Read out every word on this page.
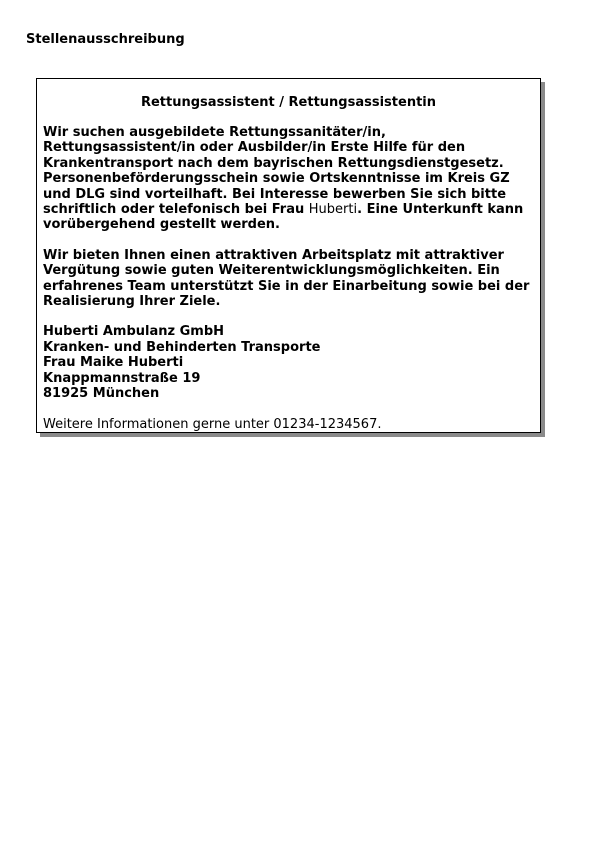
Stellenausschreibung
Rettungsassistent / Rettungsassistentin
Wir suchen ausgebildete Rettungssanitäter/in, Rettungsassistent/in oder Ausbilder/in Erste Hilfe für den Krankentransport nach dem bayrischen Rettungsdienstgesetz. Personenbeförderungsschein sowie Ortskenntnisse im Kreis GZ und DLG sind vorteilhaft. Bei Interesse bewerben Sie sich bitte schriftlich oder telefonisch bei Frau Huberti. Eine Unterkunft kann vorübergehend gestellt werden.
Wir bieten Ihnen einen attraktiven Arbeitsplatz mit attraktiver Vergütung sowie guten Weiterentwicklungsmöglichkeiten. Ein erfahrenes Team unterstützt Sie in der Einarbeitung sowie bei der Realisierung Ihrer Ziele.
Huberti Ambulanz GmbH
Kranken- und Behinderten Transporte
Frau Maike Huberti
Knappmannstraße 19
81925 München
Weitere Informationen gerne unter 01234-1234567.
